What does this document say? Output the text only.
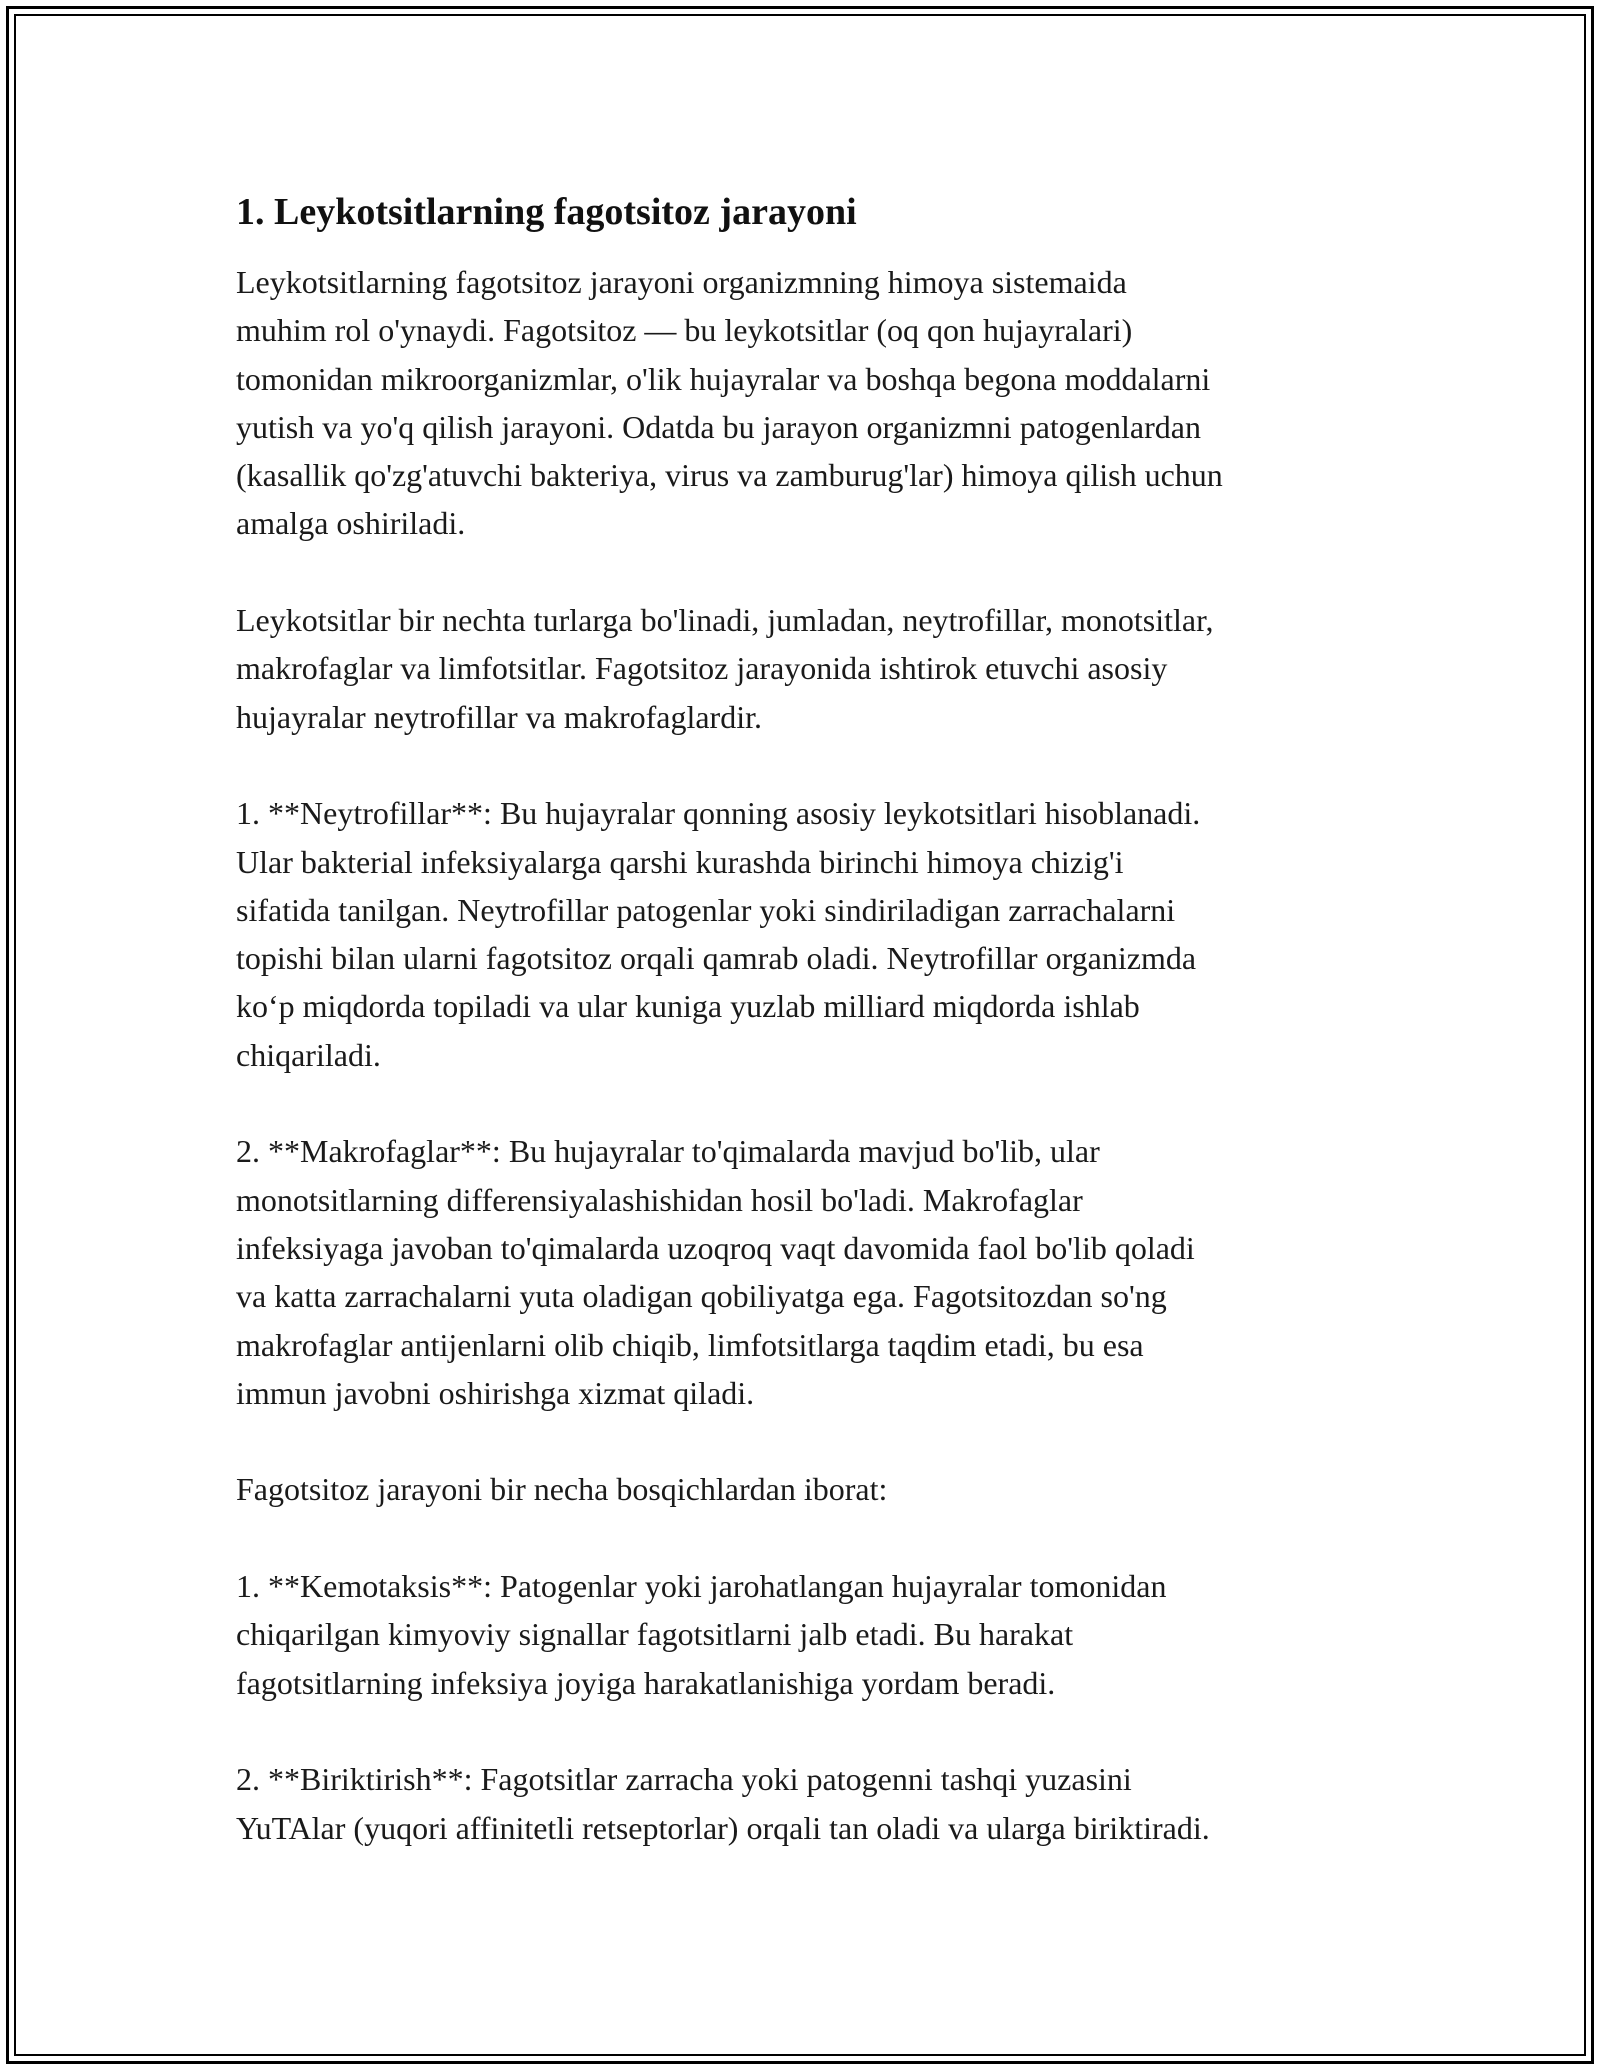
1. Leykotsitlarning fagotsitoz jarayoni

Leykotsitlarning fagotsitoz jarayoni organizmning himoya sistemaida
muhim rol o'ynaydi. Fagotsitoz — bu leykotsitlar (oq qon hujayralari)
tomonidan mikroorganizmlar, o'lik hujayralar va boshqa begona moddalarni
yutish va yo'q qilish jarayoni. Odatda bu jarayon organizmni patogenlardan
(kasallik qo'zg'atuvchi bakteriya, virus va zamburug'lar) himoya qilish uchun
amalga oshiriladi.

Leykotsitlar bir nechta turlarga bo'linadi, jumladan, neytrofillar, monotsitlar,
makrofaglar va limfotsitlar. Fagotsitoz jarayonida ishtirok etuvchi asosiy
hujayralar neytrofillar va makrofaglardir.

1. **Neytrofillar**: Bu hujayralar qonning asosiy leykotsitlari hisoblanadi.
Ular bakterial infeksiyalarga qarshi kurashda birinchi himoya chizig'i
sifatida tanilgan. Neytrofillar patogenlar yoki sindiriladigan zarrachalarni
topishi bilan ularni fagotsitoz orqali qamrab oladi. Neytrofillar organizmda
koʻp miqdorda topiladi va ular kuniga yuzlab milliard miqdorda ishlab
chiqariladi.

2. **Makrofaglar**: Bu hujayralar to'qimalarda mavjud bo'lib, ular
monotsitlarning differensiyalashishidan hosil bo'ladi. Makrofaglar
infeksiyaga javoban to'qimalarda uzoqroq vaqt davomida faol bo'lib qoladi
va katta zarrachalarni yuta oladigan qobiliyatga ega. Fagotsitozdan so'ng
makrofaglar antijenlarni olib chiqib, limfotsitlarga taqdim etadi, bu esa
immun javobni oshirishga xizmat qiladi.

Fagotsitoz jarayoni bir necha bosqichlardan iborat:

1. **Kemotaksis**: Patogenlar yoki jarohatlangan hujayralar tomonidan
chiqarilgan kimyoviy signallar fagotsitlarni jalb etadi. Bu harakat
fagotsitlarning infeksiya joyiga harakatlanishiga yordam beradi.

2. **Biriktirish**: Fagotsitlar zarracha yoki patogenni tashqi yuzasini
YuTAlar (yuqori affinitetli retseptorlar) orqali tan oladi va ularga biriktiradi.
